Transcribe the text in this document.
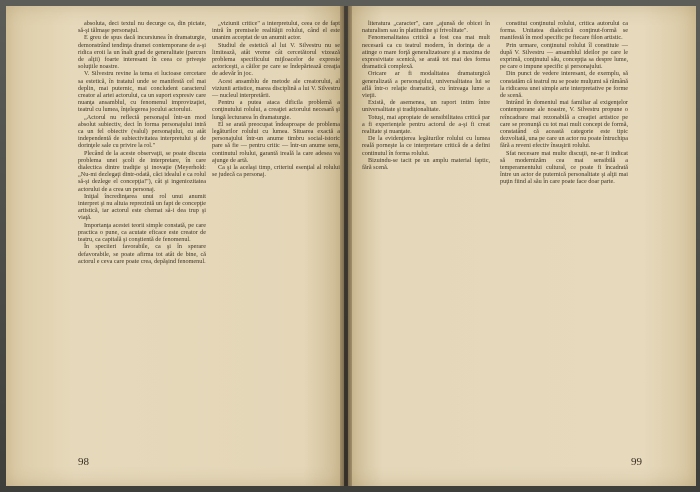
absoluta, deci textul nu decurge ca, din pictate, să-şi tălmaşe personajul.

E greu de spus dacă incursiunea în dramaturgie, demonstrând tendinţa dramei contemporane de a-şi ridica eroii la un înalt grad de generalitate (parcurs de alţii) foarte interesant în ceea ce priveşte soluţiile noastre.

V. Silvestru revine la tema ei lucioase cercetare sa estetică, în tratatul unde se manifestă cel mai deplin, mai puternic, mai concludent caracterul creator al artei actorului, ca un suport expresiv care nuanţa ansamblul, cu fenomenul improvizaţiei, teatrul cu lumea, înţelegerea jocului actorului.

„Actorul nu reflectă personajul într-un mod absolut subiectiv, deci în forma personajului intră ca un fel obiectiv (valul) personajului, cu atât independentă de subiectivitatea interpretului şi de dorinţele sale cu privire la rol."

Plecând de la aceste observaţii, se poate discuta problema unei şcoli de interpretare, în care dialectica dintre tradiţie şi inovaţie (Meyerhold: „Nu-mi dezlegaţi dintr-odată, căci idealul e ca rolul să-şi dezlege el concepţia!"), cât şi ingeniozitatea actorului de a crea un personaj.

Iniţial încredinţarea unui rol unui anumit interpret şi nu altuia reprezintă un fapt de concepţie artistică, iar actorul este chemat să-i dea trup şi viaţă.

Importanţa acestei teorii simple constată, pe care practica o pune, ca acutate eficace este creator de teatru, ca capitală şi conştientă de fenomenul.

În speciieri favorabile, ca şi în sperare defavorabile, se poate afirma tot atât de bine, că actorul e ceva care poate crea, depăşind fenomenul.

„viziunii critice" a interpretului, ceea ce de fapt intră în premisele realităţii rolului, când el este unanim acceptat de un anumit actor.

Studiul de estetică al lui V. Silvestru nu se limitează, atât vreme cât cercetătorul vizează problema specificului mijloacelor de expresie actoriceşti, a căilor pe care se îndepărtează creaţia de adevăr în joc.

Acest ansamblu de metode ale creatorului, al viziunii artistice, marea disciplină a lui V. Silvestru — nucleul interpretării.

Pentru a putea ataca dificila problemă a conţinutului rolului, a creaţiei actorului necesară şi lungă lecturarea în dramaturgie.

El se arată preocupat îndeaproape de problema legăturilor rolului cu lumea. Situarea exactă a personajului într-un anume timbru social-istoric pare să fie — pentru critic — într-un anume sens, continutul rolului, garantă ireală la care adesea va ajunge de artă.

Ca şi la acelaşi timp, criteriul esenţial al rolului se judecă ca personaj.

98

literatura „caracter", care „ajunsă de obicei în naturalism sau în platitudine şi frivolitate".

Fenomenalitatea critică a fost cea mai mult necesară ca cu teatrul modern, în dorinţa de a atinge o mare forţă generalizatoare şi a maxima de expresivitate scenică, se arată tot mai des forma dramatică complexă.

Oricare ar fi modalitatea dramaturgică generalizată a personajului, universalitatea lui se află într-o relaţie dramatică, cu întreaga lume a vieţii.

Există, de asemenea, un raport intim între universalitate şi tradiţionalitate.

Totuşi, mai apropiate de sensibilitatea critică par a fi experienţele pentru actorul de a-şi fi creat realitate şi nuanţate.

De la evidenţierea legăturilor rolului cu lumea reală porneşte la ce interpretare critică de a defini continutul în forma rolului.

Bizuindu-se tacit pe un amplu material faptic, fără scenă.

constitui conţinutul rolului, critica autorului ca forma. Unitatea dialectică conţinut-formă se manifestă în mod specific pe fiecare filon artistic.

Prin urmare, conţinutul rolului îl constituie — după V. Silvestru — ansamblul ideilor pe care le exprimă, conţinutul său, concepţia sa despre lume, pe care o impune specific şi personajului.

Din punct de vedere interesant, de exemplu, să constatăm că teatrul nu se poate mulţumi să rămână la ridicarea unei simple arte interpretative pe forme de scenă.

Intrând în domeniul mai familiar al exigenţelor contemporane ale noastre, V. Silvestru propune o reîncadrare mai rezonabilă a creaţiei artistice pe care se pronunţă cu tot mai mult concept de formă, constatând că această categorie este tipic dezvoltată, una pe care un actor nu poate întruchipa fără a reveni efectiv însuşirii rolului.

Sfat necesare mai multe discuţii, ne-ar fi indicat să modernizăm cea mai sensibilă a temperamentului cultural, ce poate fi încadrată între un actor de puternică personalitate şi alţii mai puţin fiind al său în care poate face doar parte.

99
